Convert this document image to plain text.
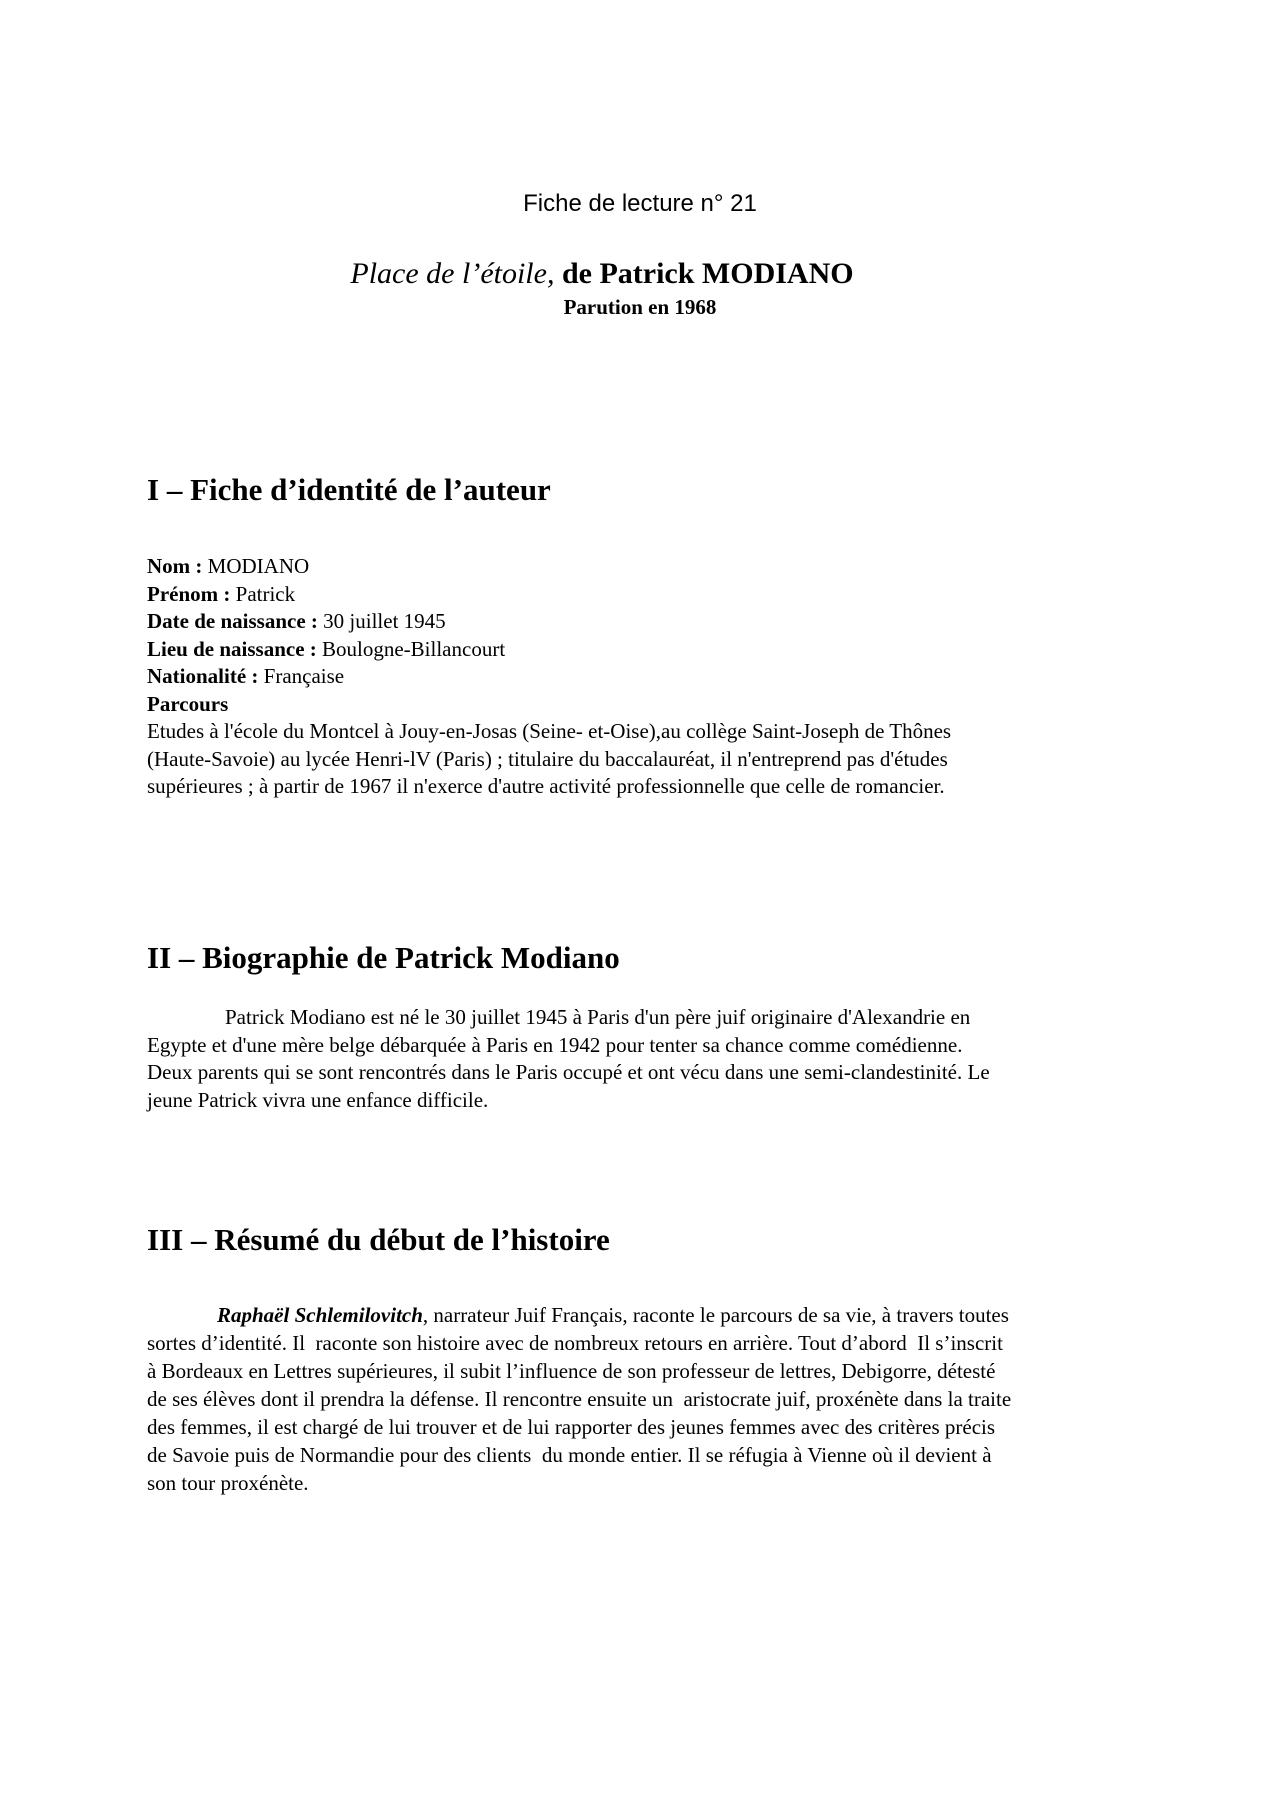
Fiche de lecture n° 21
Place de l’étoile, de Patrick MODIANO
Parution en 1968
I – Fiche d’identité de l’auteur
Nom : MODIANO
Prénom : Patrick
Date de naissance : 30 juillet 1945
Lieu de naissance : Boulogne-Billancourt
Nationalité : Française
Parcours
Etudes à l'école du Montcel à Jouy-en-Josas (Seine- et-Oise),au collège Saint-Joseph de Thônes
(Haute-Savoie) au lycée Henri-lV (Paris) ; titulaire du baccalauréat, il n'entreprend pas d'études
supérieures ; à partir de 1967 il n'exerce d'autre activité professionnelle que celle de romancier.
II – Biographie de Patrick Modiano
Patrick Modiano est né le 30 juillet 1945 à Paris d'un père juif originaire d'Alexandrie en
Egypte et d'une mère belge débarquée à Paris en 1942 pour tenter sa chance comme comédienne.
Deux parents qui se sont rencontrés dans le Paris occupé et ont vécu dans une semi-clandestinité. Le
jeune Patrick vivra une enfance difficile.
III – Résumé du début de l’histoire
Raphaël Schlemilovitch, narrateur Juif Français, raconte le parcours de sa vie, à travers toutes
sortes d’identité. Il  raconte son histoire avec de nombreux retours en arrière. Tout d’abord  Il s’inscrit
à Bordeaux en Lettres supérieures, il subit l’influence de son professeur de lettres, Debigorre, détesté
de ses élèves dont il prendra la défense. Il rencontre ensuite un  aristocrate juif, proxénète dans la traite
des femmes, il est chargé de lui trouver et de lui rapporter des jeunes femmes avec des critères précis
de Savoie puis de Normandie pour des clients  du monde entier. Il se réfugia à Vienne où il devient à
son tour proxénète.
